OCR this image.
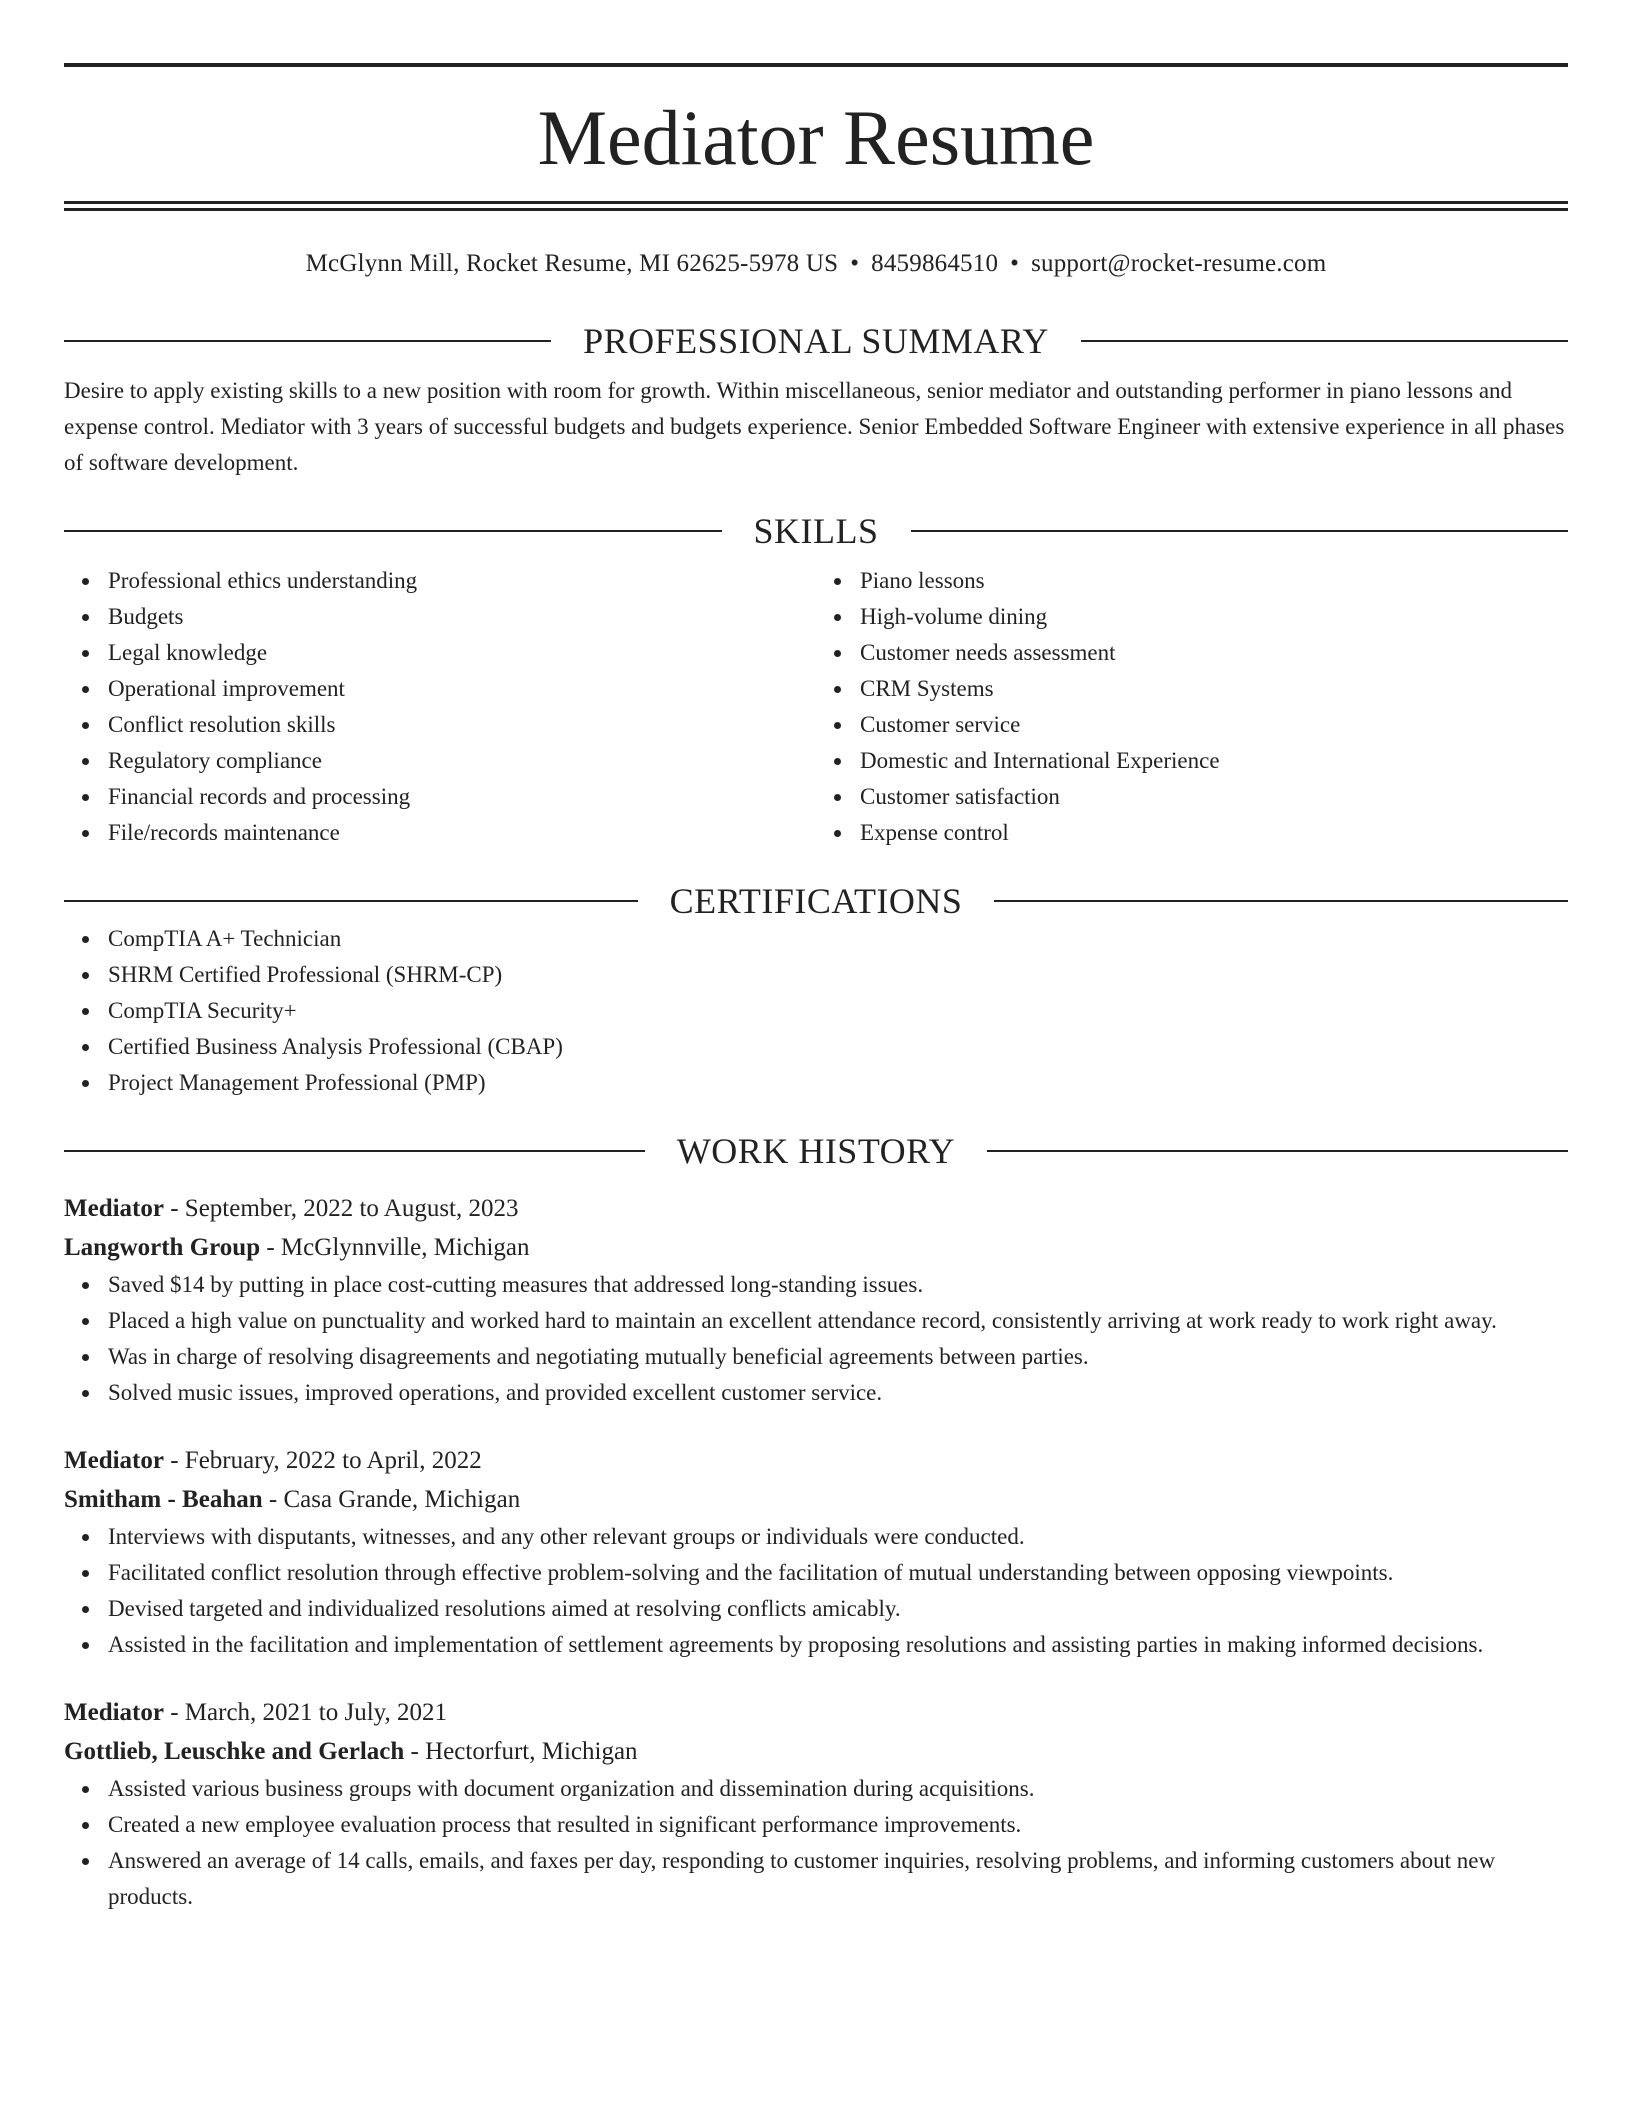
Mediator Resume
McGlynn Mill, Rocket Resume, MI 62625-5978 US • 8459864510 • support@rocket-resume.com
PROFESSIONAL SUMMARY
Desire to apply existing skills to a new position with room for growth. Within miscellaneous, senior mediator and outstanding performer in piano lessons and expense control. Mediator with 3 years of successful budgets and budgets experience. Senior Embedded Software Engineer with extensive experience in all phases of software development.
SKILLS
Professional ethics understanding
Budgets
Legal knowledge
Operational improvement
Conflict resolution skills
Regulatory compliance
Financial records and processing
File/records maintenance
Piano lessons
High-volume dining
Customer needs assessment
CRM Systems
Customer service
Domestic and International Experience
Customer satisfaction
Expense control
CERTIFICATIONS
CompTIA A+ Technician
SHRM Certified Professional (SHRM-CP)
CompTIA Security+
Certified Business Analysis Professional (CBAP)
Project Management Professional (PMP)
WORK HISTORY
Mediator - September, 2022 to August, 2023
Langworth Group - McGlynnville, Michigan
Saved $14 by putting in place cost-cutting measures that addressed long-standing issues.
Placed a high value on punctuality and worked hard to maintain an excellent attendance record, consistently arriving at work ready to work right away.
Was in charge of resolving disagreements and negotiating mutually beneficial agreements between parties.
Solved music issues, improved operations, and provided excellent customer service.
Mediator - February, 2022 to April, 2022
Smitham - Beahan - Casa Grande, Michigan
Interviews with disputants, witnesses, and any other relevant groups or individuals were conducted.
Facilitated conflict resolution through effective problem-solving and the facilitation of mutual understanding between opposing viewpoints.
Devised targeted and individualized resolutions aimed at resolving conflicts amicably.
Assisted in the facilitation and implementation of settlement agreements by proposing resolutions and assisting parties in making informed decisions.
Mediator - March, 2021 to July, 2021
Gottlieb, Leuschke and Gerlach - Hectorfurt, Michigan
Assisted various business groups with document organization and dissemination during acquisitions.
Created a new employee evaluation process that resulted in significant performance improvements.
Answered an average of 14 calls, emails, and faxes per day, responding to customer inquiries, resolving problems, and informing customers about new products.
